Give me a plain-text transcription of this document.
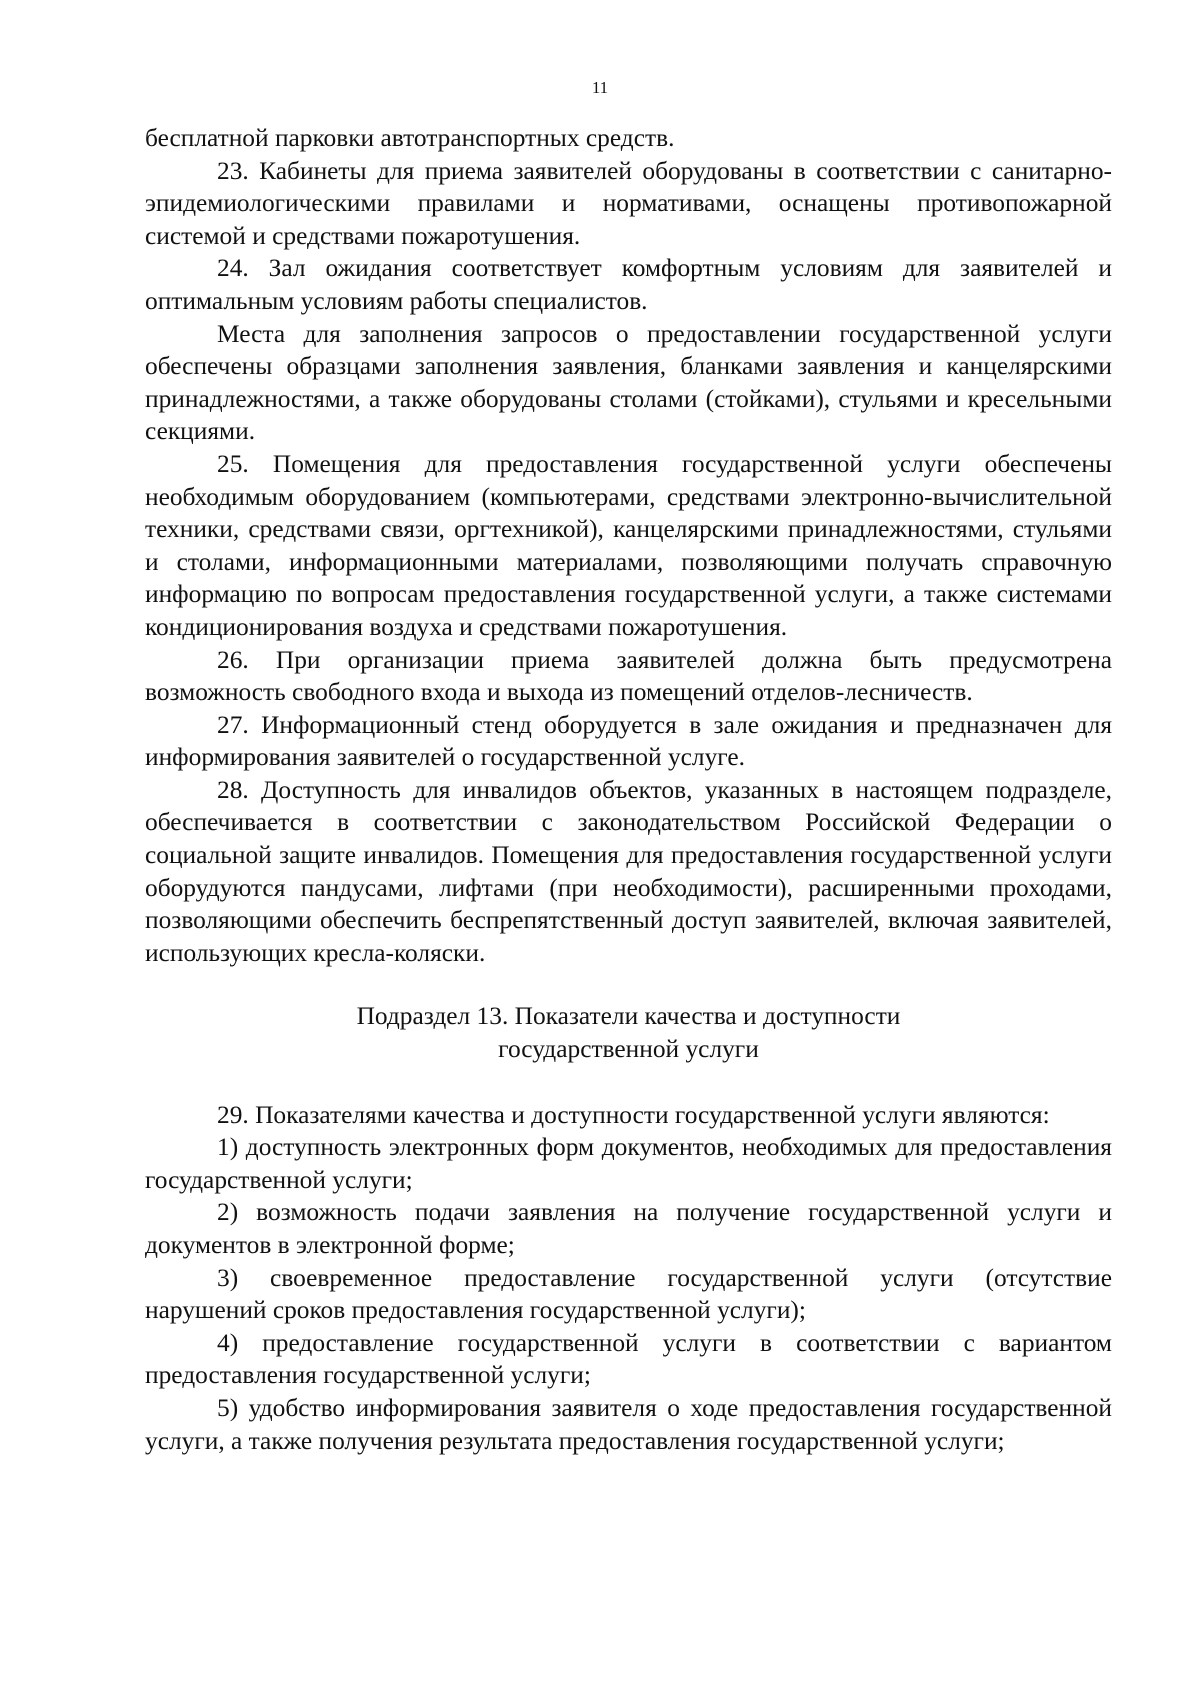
11

бесплатной парковки автотранспортных средств.

23. Кабинеты для приема заявителей оборудованы в соответствии с санитарно-эпидемиологическими правилами и нормативами, оснащены противопожарной системой и средствами пожаротушения.

24. Зал ожидания соответствует комфортным условиям для заявителей и оптимальным условиям работы специалистов.

Места для заполнения запросов о предоставлении государственной услуги обеспечены образцами заполнения заявления, бланками заявления и канцелярскими принадлежностями, а также оборудованы столами (стойками), стульями и кресельными секциями.

25. Помещения для предоставления государственной услуги обеспечены необходимым оборудованием (компьютерами, средствами электронно-вычислительной техники, средствами связи, оргтехникой), канцелярскими принадлежностями, стульями и столами, информационными материалами, позволяющими получать справочную информацию по вопросам предоставления государственной услуги, а также системами кондиционирования воздуха и средствами пожаротушения.

26. При организации приема заявителей должна быть предусмотрена возможность свободного входа и выхода из помещений отделов-лесничеств.

27. Информационный стенд оборудуется в зале ожидания и предназначен для информирования заявителей о государственной услуге.

28. Доступность для инвалидов объектов, указанных в настоящем подразделе, обеспечивается в соответствии с законодательством Российской Федерации о социальной защите инвалидов. Помещения для предоставления государственной услуги оборудуются пандусами, лифтами (при необходимости), расширенными проходами, позволяющими обеспечить беспрепятственный доступ заявителей, включая заявителей, использующих кресла-коляски.

Подраздел 13. Показатели качества и доступности
государственной услуги

29. Показателями качества и доступности государственной услуги являются:

1) доступность электронных форм документов, необходимых для предоставления государственной услуги;

2) возможность подачи заявления на получение государственной услуги и документов в электронной форме;

3) своевременное предоставление государственной услуги (отсутствие нарушений сроков предоставления государственной услуги);

4) предоставление государственной услуги в соответствии с вариантом предоставления государственной услуги;

5) удобство информирования заявителя о ходе предоставления государственной услуги, а также получения результата предоставления государственной услуги;
